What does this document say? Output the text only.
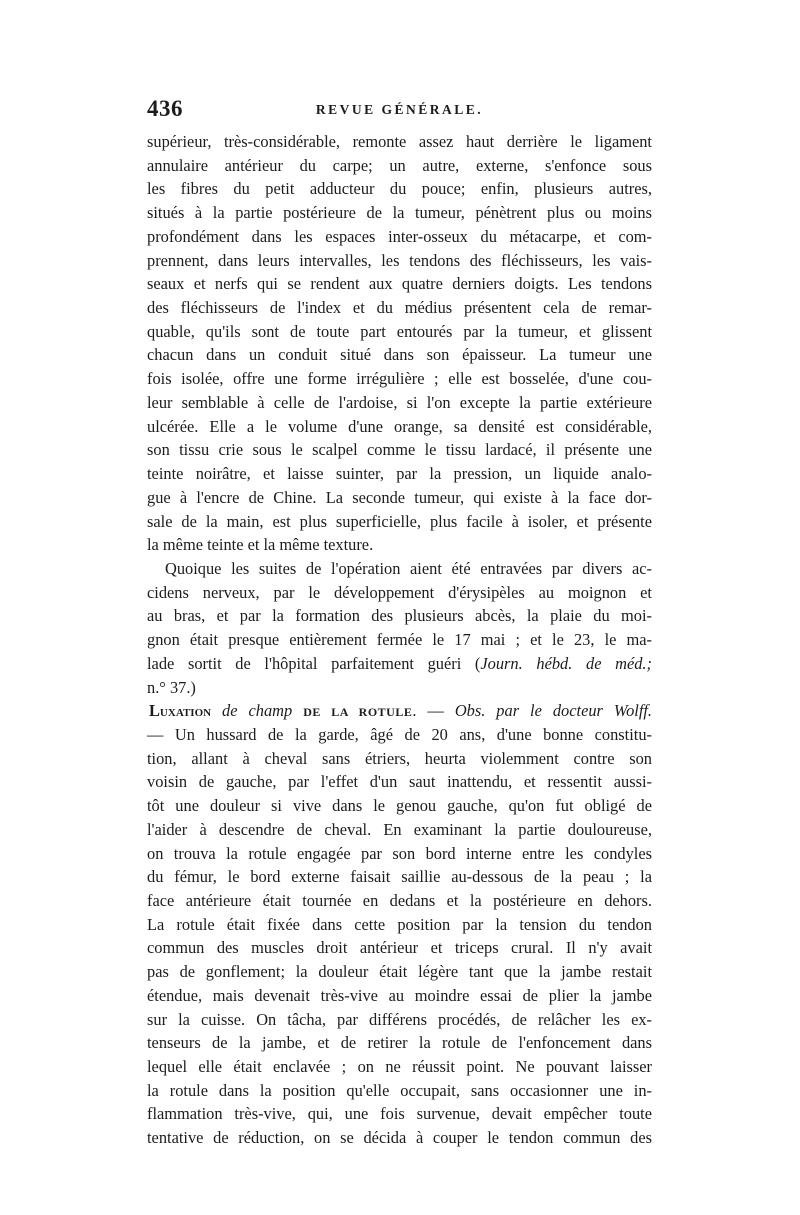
436	REVUE GÉNÉRALE.
supérieur, très-considérable, remonte assez haut derrière le ligament
annulaire antérieur du carpe; un autre, externe, s'enfonce sous
les fibres du petit adducteur du pouce; enfin, plusieurs autres,
situés à la partie postérieure de la tumeur, pénètrent plus ou moins
profondément dans les espaces inter-osseux du métacarpe, et com-
prennent, dans leurs intervalles, les tendons des fléchisseurs, les vais-
seaux et nerfs qui se rendent aux quatre derniers doigts. Les tendons
des fléchisseurs de l'index et du médius présentent cela de remar-
quable, qu'ils sont de toute part entourés par la tumeur, et glissent
chacun dans un conduit situé dans son épaisseur. La tumeur une
fois isolée, offre une forme irrégulière ; elle est bosselée, d'une cou-
leur semblable à celle de l'ardoise, si l'on excepte la partie extérieure
ulcérée. Elle a le volume d'une orange, sa densité est considérable,
son tissu crie sous le scalpel comme le tissu lardacé, il présente une
teinte noirâtre, et laisse suinter, par la pression, un liquide analo-
gue à l'encre de Chine. La seconde tumeur, qui existe à la face dor-
sale de la main, est plus superficielle, plus facile à isoler, et présente
la même teinte et la même texture.
Quoique les suites de l'opération aient été entravées par divers ac-
cidens nerveux, par le développement d'érysipèles au moignon et
au bras, et par la formation des plusieurs abcès, la plaie du moi-
gnon était presque entièrement fermée le 17 mai ; et le 23, le ma-
lade sortit de l'hôpital parfaitement guéri (Journ. hébd. de méd.;
n.° 37.)
Luxation de champ DE LA ROTULE. — Obs. par le docteur Wolff.
— Un hussard de la garde, âgé de 20 ans, d'une bonne constitu-
tion, allant à cheval sans étriers, heurta violemment contre son
voisin de gauche, par l'effet d'un saut inattendu, et ressentit aussi-
tôt une douleur si vive dans le genou gauche, qu'on fut obligé de
l'aider à descendre de cheval. En examinant la partie douloureuse,
on trouva la rotule engagée par son bord interne entre les condyles
du fémur, le bord externe faisait saillie au-dessous de la peau ; la
face antérieure était tournée en dedans et la postérieure en dehors.
La rotule était fixée dans cette position par la tension du tendon
commun des muscles droit antérieur et triceps crural. Il n'y avait
pas de gonflement; la douleur était légère tant que la jambe restait
étendue, mais devenait très-vive au moindre essai de plier la jambe
sur la cuisse. On tâcha, par différens procédés, de relâcher les ex-
tenseurs de la jambe, et de retirer la rotule de l'enfoncement dans
lequel elle était enclavée ; on ne réussit point. Ne pouvant laisser
la rotule dans la position qu'elle occupait, sans occasionner une in-
flammation très-vive, qui, une fois survenue, devait empêcher toute
tentative de réduction, on se décida à couper le tendon commun des
